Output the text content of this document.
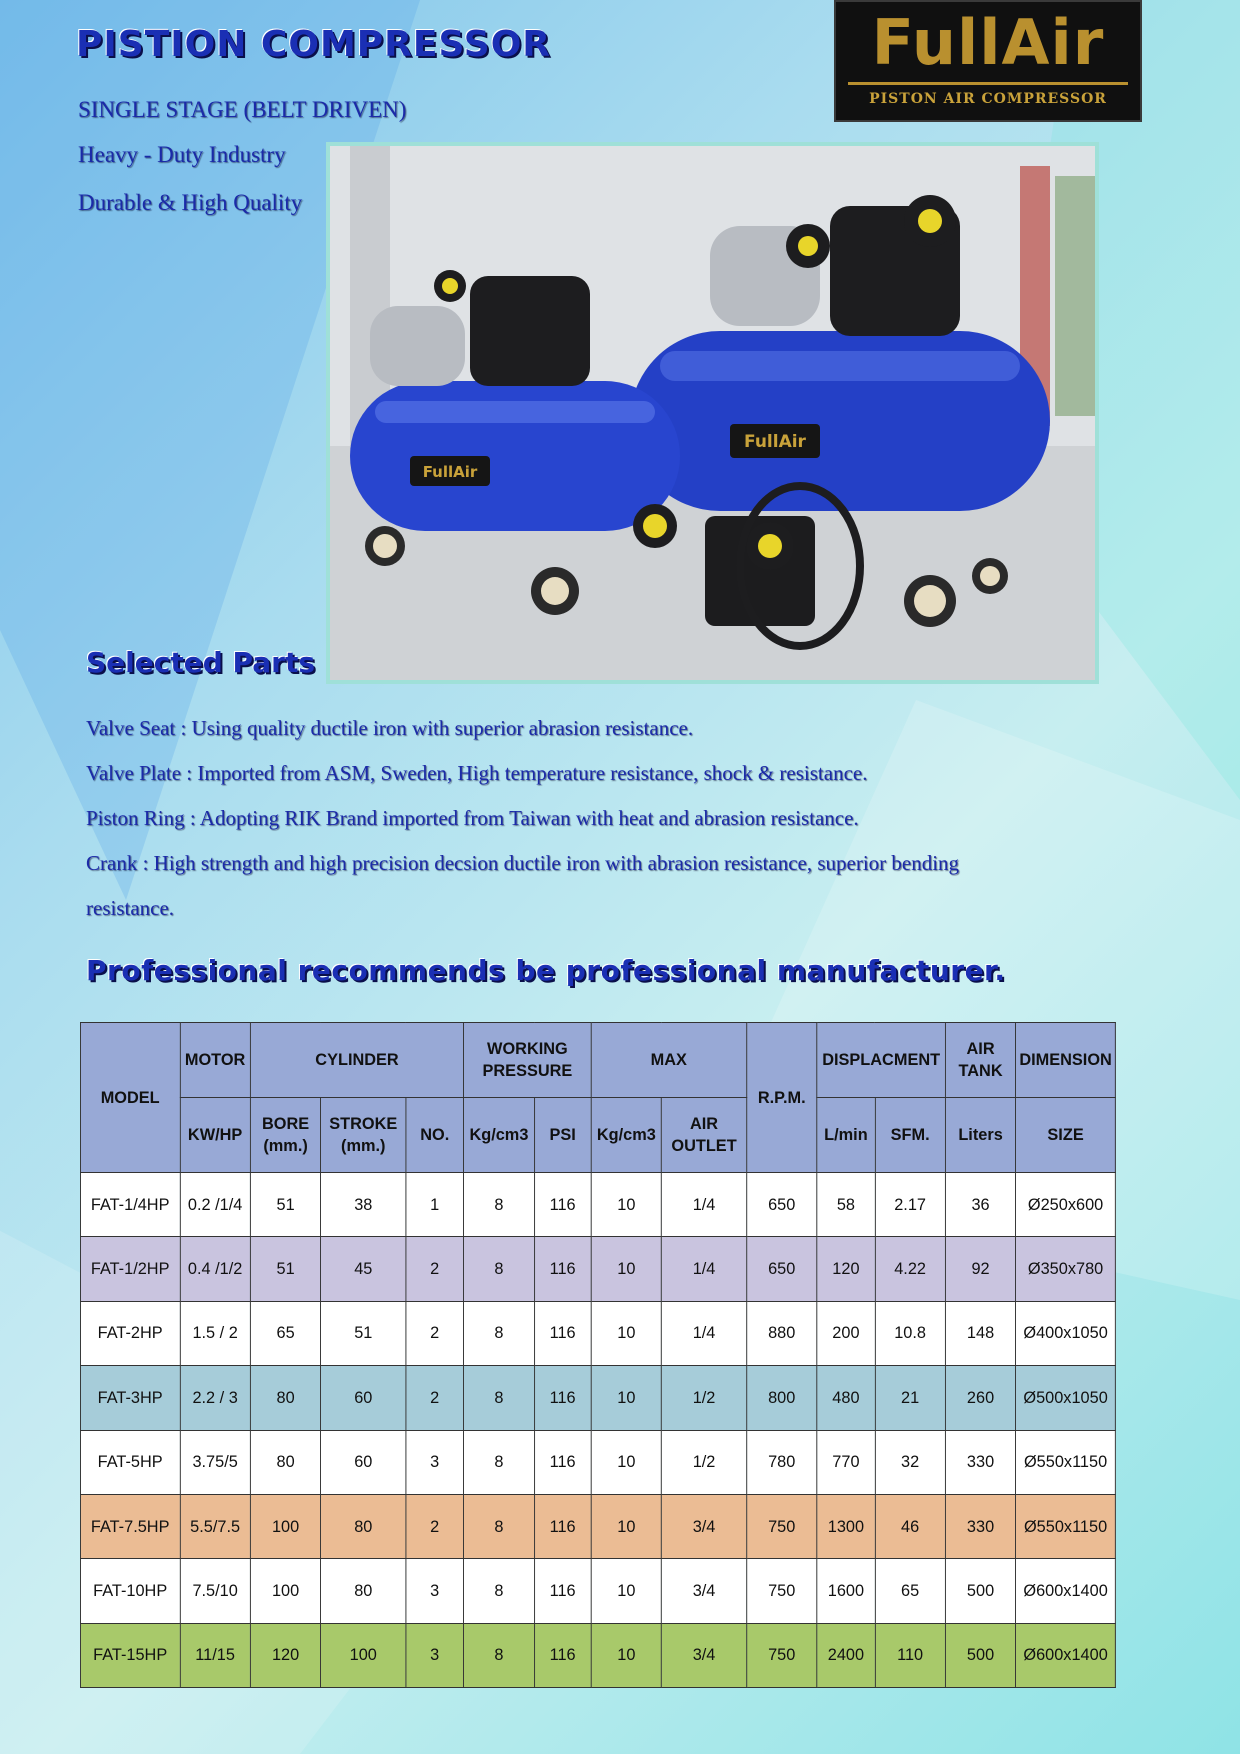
PISTION COMPRESSOR
SINGLE STAGE (BELT DRIVEN)
Heavy - Duty Industry
Durable & High Quality
FullAir
PISTON AIR COMPRESSOR
FullAir
FullAir
Selected Parts

Valve Seat : Using quality ductile iron with superior abrasion resistance.

Valve Plate : Imported from ASM, Sweden, High temperature resistance, shock & resistance.

Piston Ring : Adopting RIK Brand imported from Taiwan with heat and abrasion resistance.

Crank : High strength and high precision decsion ductile iron with abrasion resistance, superior bending

resistance.

Professional recommends be professional manufacturer.
MODEL	MOTOR	CYLINDER			WORKING PRESSURE		MAX		R.P.M.	DISPLACMENT		AIR TANK	DIMENSION
	KW/HP	BORE (mm.)	STROKE (mm.)	NO.	Kg/cm3	PSI	Kg/cm3	AIR OUTLET		L/min	SFM.	Liters	SIZE
FAT-1/4HP	0.2 /1/4	51	38	1	8	116	10	1/4	650	58	2.17	36	Ø250x600
FAT-1/2HP	0.4 /1/2	51	45	2	8	116	10	1/4	650	120	4.22	92	Ø350x780
FAT-2HP	1.5 / 2	65	51	2	8	116	10	1/4	880	200	10.8	148	Ø400x1050
FAT-3HP	2.2 / 3	80	60	2	8	116	10	1/2	800	480	21	260	Ø500x1050
FAT-5HP	3.75/5	80	60	3	8	116	10	1/2	780	770	32	330	Ø550x1150
FAT-7.5HP	5.5/7.5	100	80	2	8	116	10	3/4	750	1300	46	330	Ø550x1150
FAT-10HP	7.5/10	100	80	3	8	116	10	3/4	750	1600	65	500	Ø600x1400
FAT-15HP	11/15	120	100	3	8	116	10	3/4	750	2400	110	500	Ø600x1400
